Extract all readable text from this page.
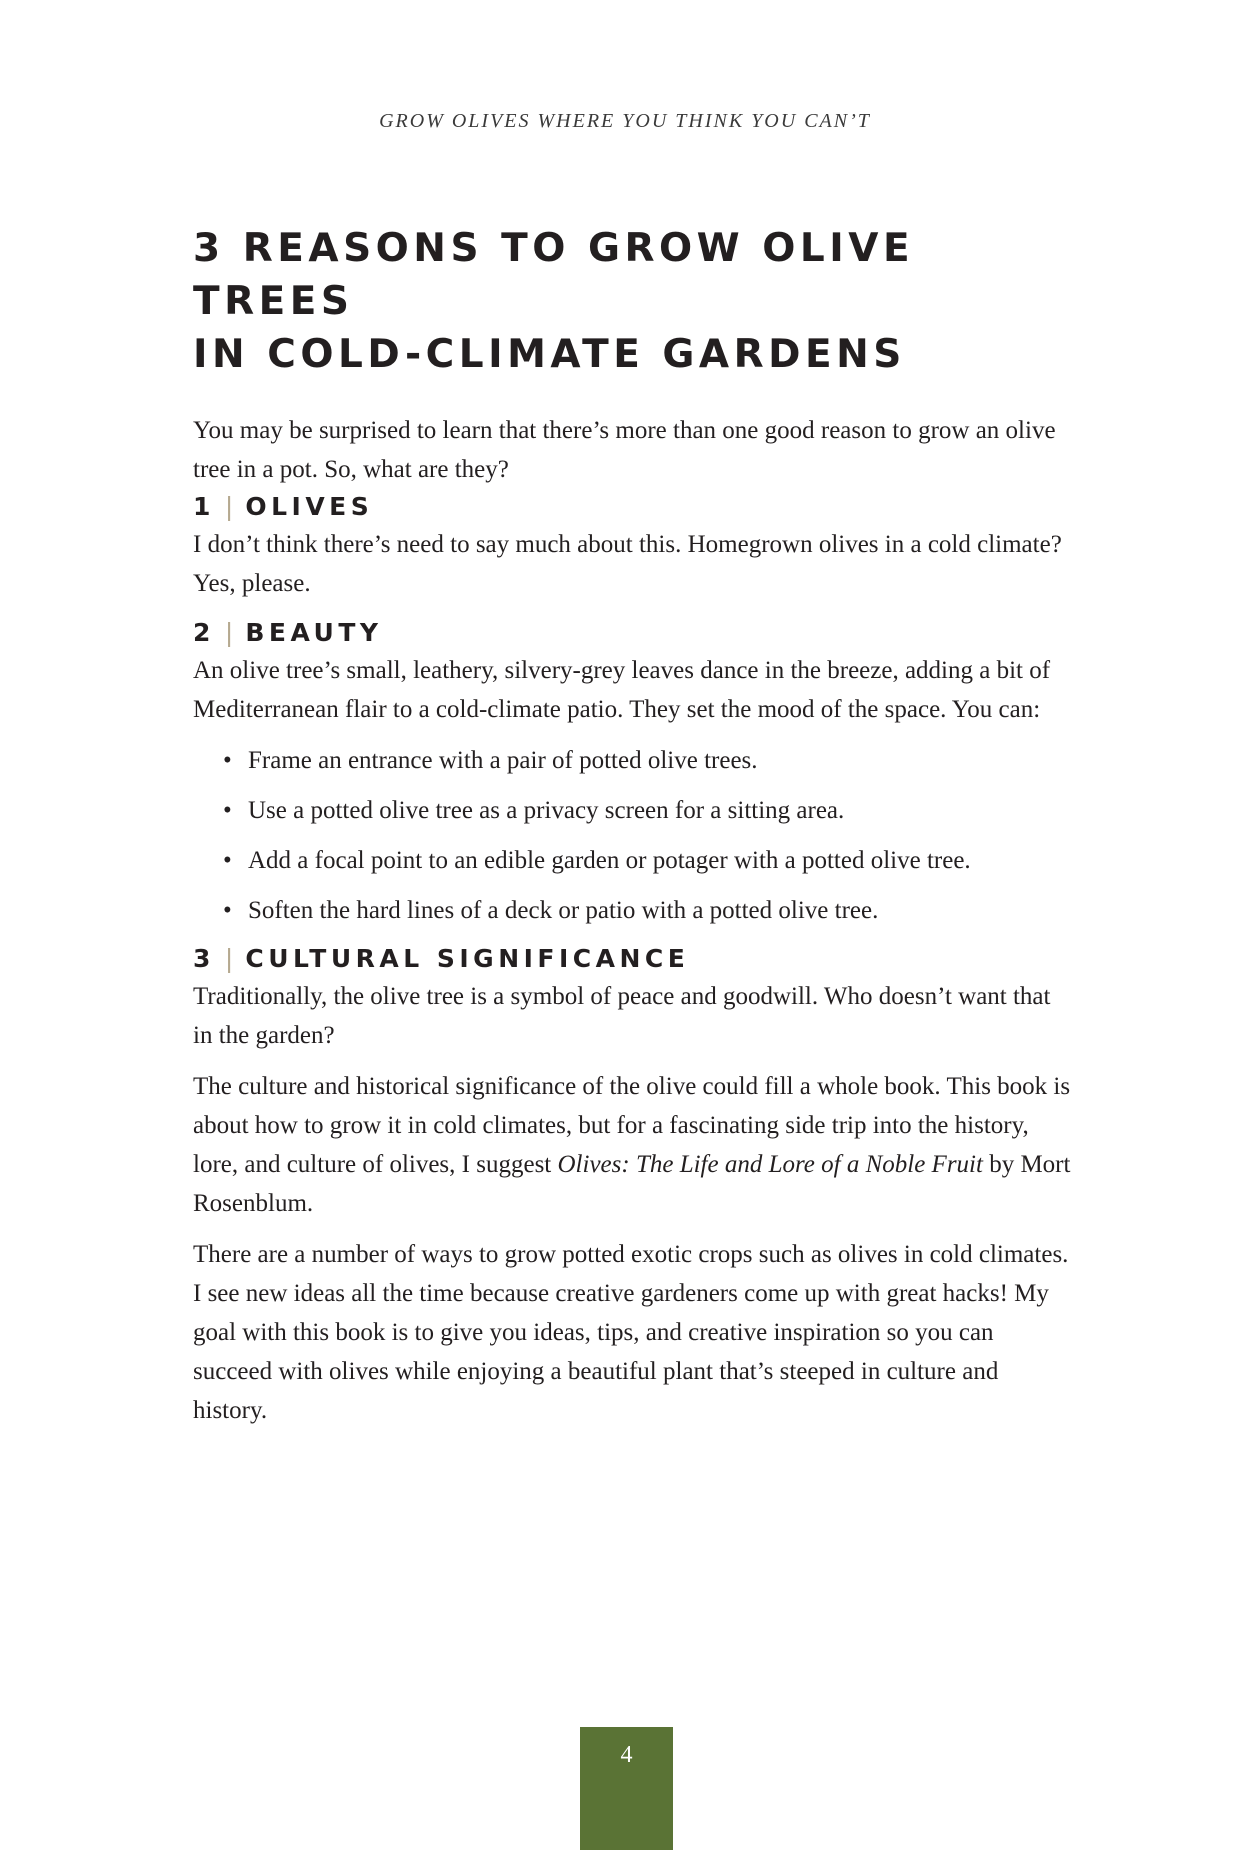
GROW OLIVES WHERE YOU THINK YOU CAN’T
3 REASONS TO GROW OLIVE TREES
IN COLD-CLIMATE GARDENS

You may be surprised to learn that there’s more than one good reason to grow an olive tree in a pot. So, what are they?

1 | OLIVES

I don’t think there’s need to say much about this. Homegrown olives in a cold climate? Yes, please.

2 | BEAUTY

An olive tree’s small, leathery, silvery-grey leaves dance in the breeze, adding a bit of Mediterranean flair to a cold-climate patio. They set the mood of the space. You can:

• Frame an entrance with a pair of potted olive trees.
• Use a potted olive tree as a privacy screen for a sitting area.
• Add a focal point to an edible garden or potager with a potted olive tree.
• Soften the hard lines of a deck or patio with a potted olive tree.
3 | CULTURAL SIGNIFICANCE

Traditionally, the olive tree is a symbol of peace and goodwill. Who doesn’t want that in the garden?

The culture and historical significance of the olive could fill a whole book. This book is about how to grow it in cold climates, but for a fascinating side trip into the history, lore, and culture of olives, I suggest Olives: The Life and Lore of a Noble Fruit by Mort Rosenblum.

There are a number of ways to grow potted exotic crops such as olives in cold climates. I see new ideas all the time because creative gardeners come up with great hacks! My goal with this book is to give you ideas, tips, and creative inspiration so you can succeed with olives while enjoying a beautiful plant that’s steeped in culture and history.

4
